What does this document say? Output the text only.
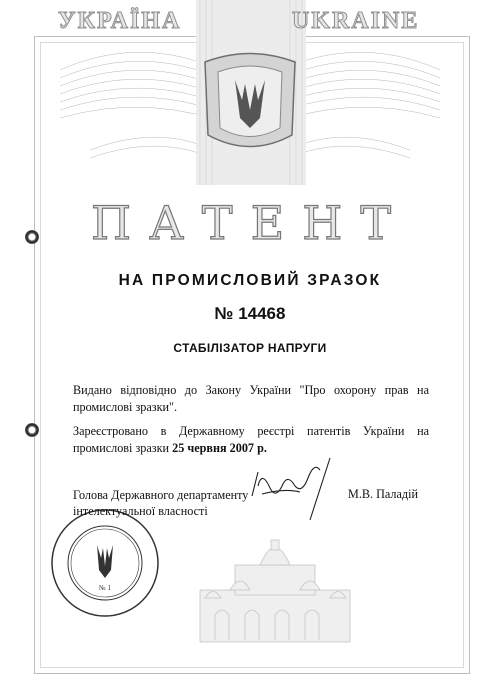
№ 1
УКРАЇНА	UKRAINE
ПАТЕНТ
НА ПРОМИСЛОВИЙ ЗРАЗОК
№ 14468
СТАБІЛІЗАТОР НАПРУГИ
Видано відповідно до Закону України "Про охорону прав на промислові зразки".
Зареєстровано в Державному реєстрі патентів України на промислові зразки 25 червня 2007 р.
Голова Державного департаменту інтелектуальної власності
М.В. Паладій
